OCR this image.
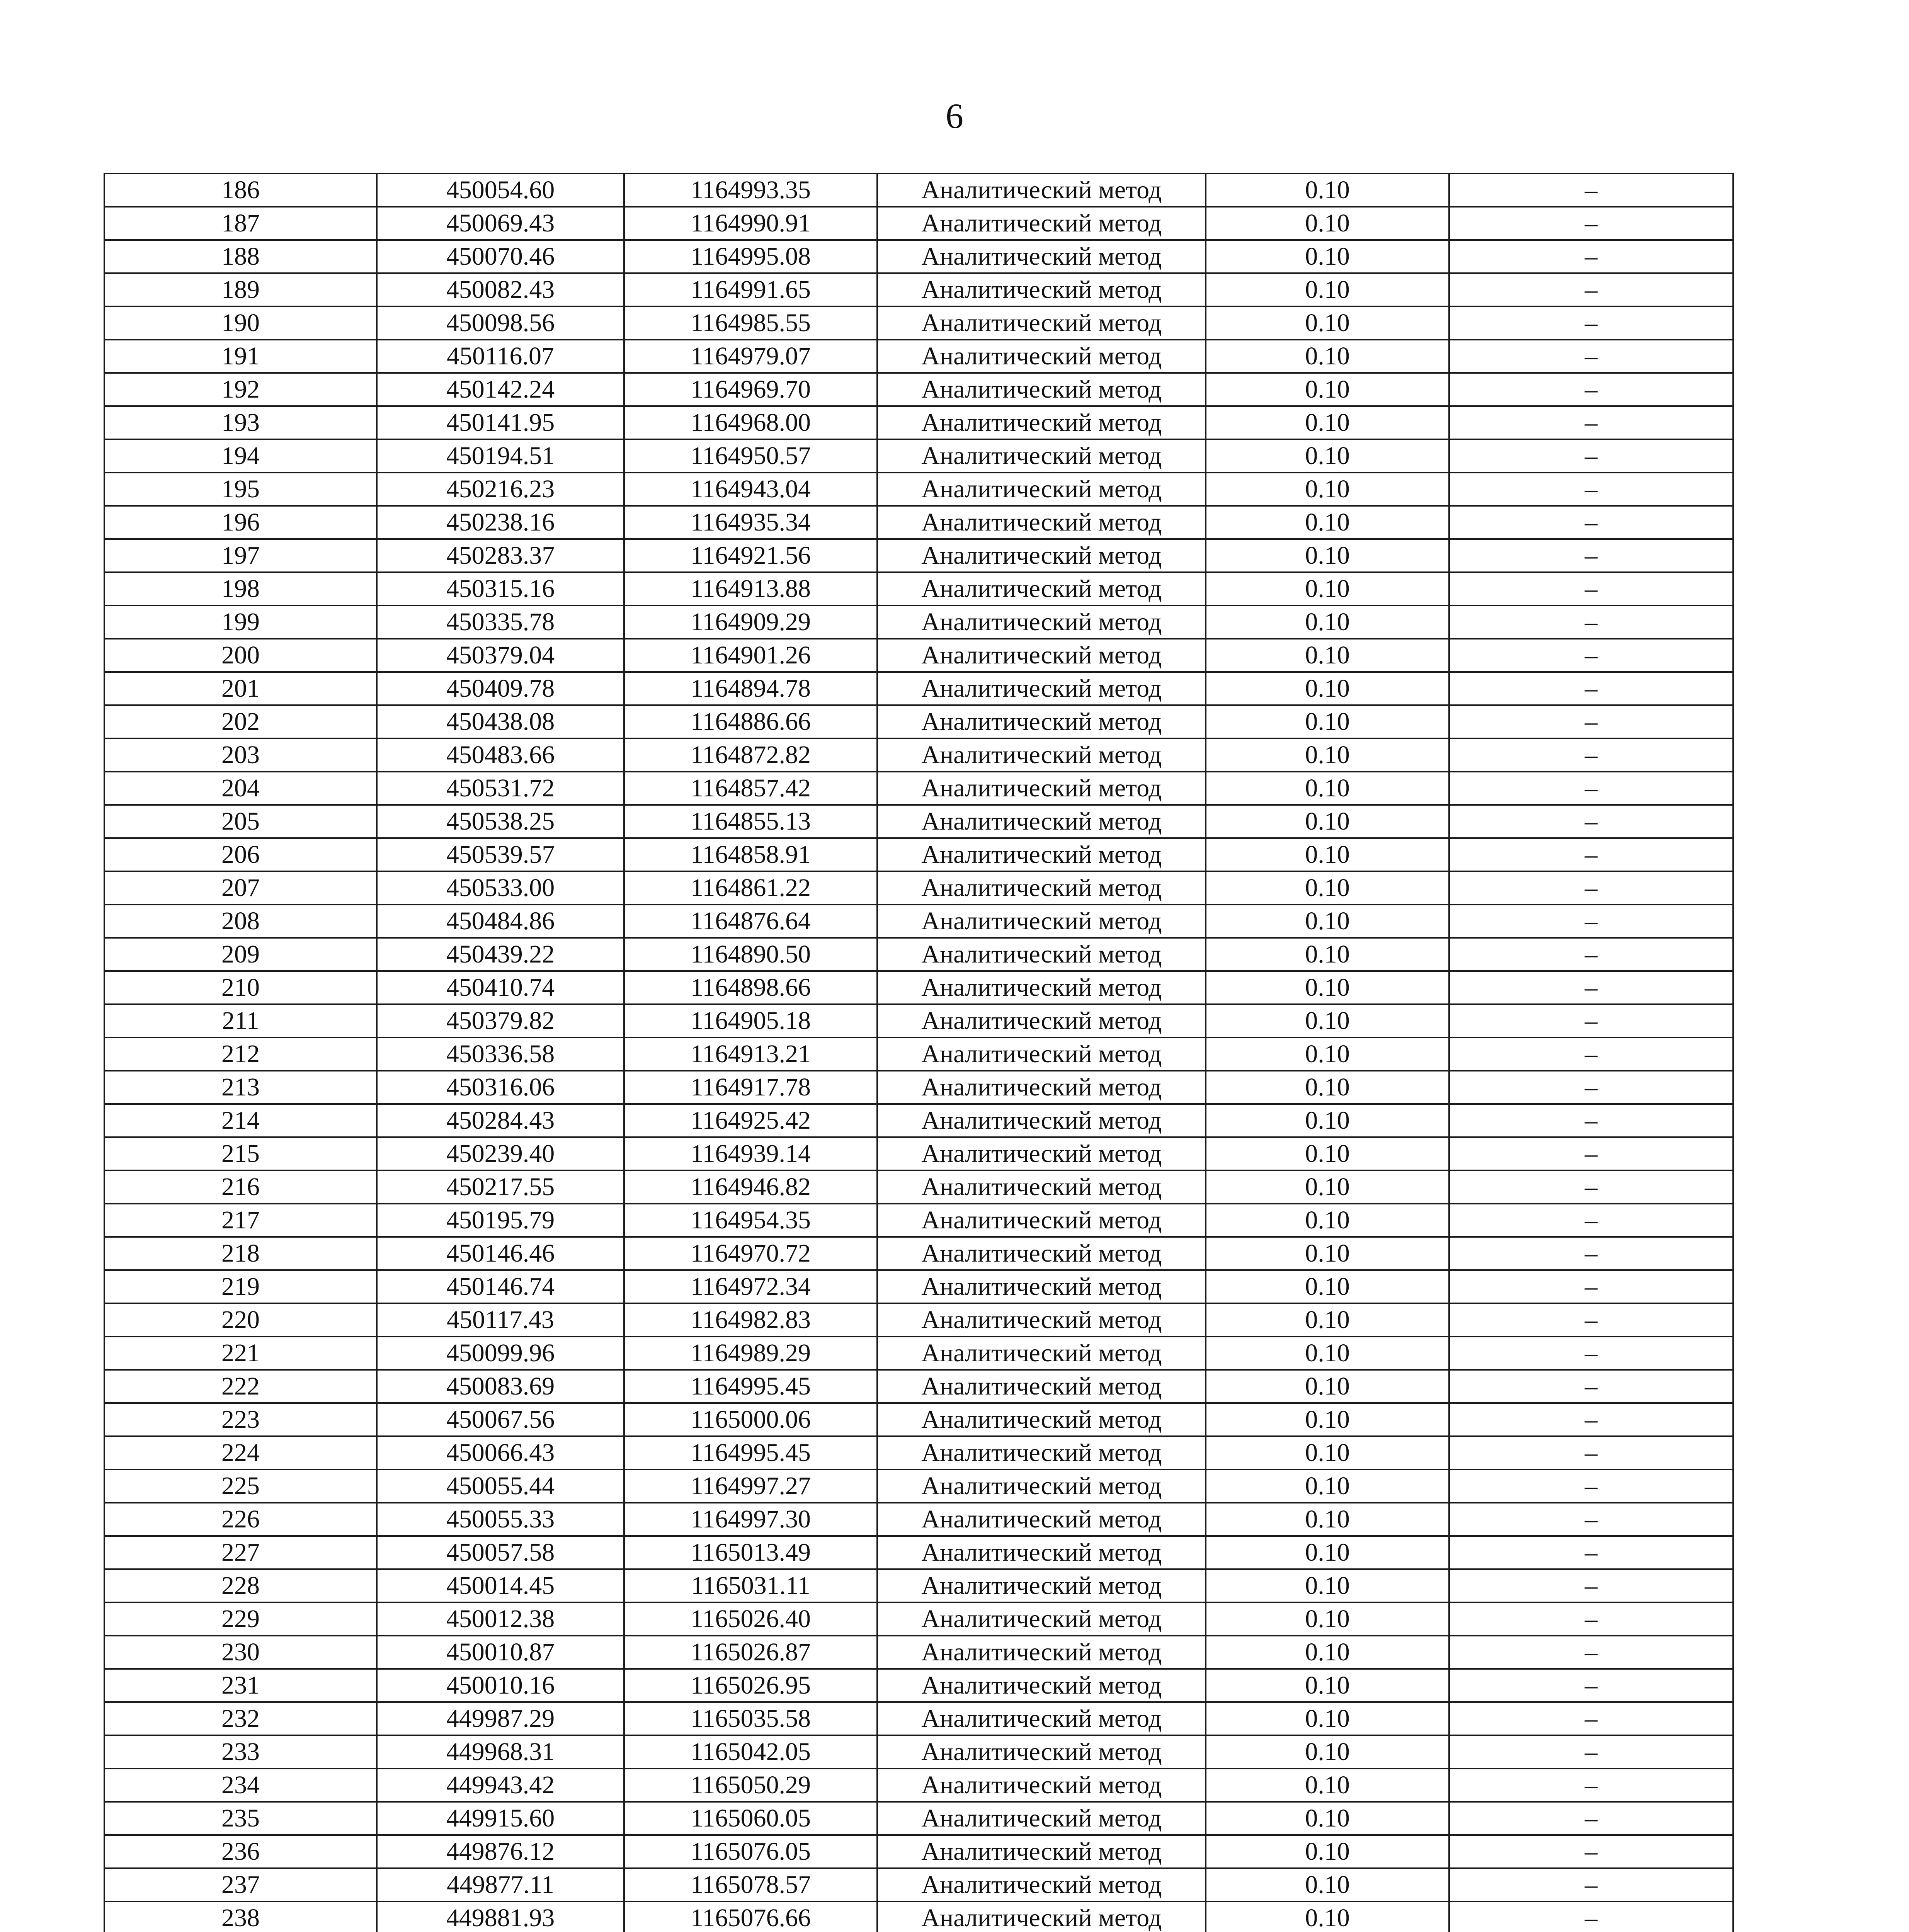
6
186	450054.60	1164993.35	Аналитический метод	0.10	–
187	450069.43	1164990.91	Аналитический метод	0.10	–
188	450070.46	1164995.08	Аналитический метод	0.10	–
189	450082.43	1164991.65	Аналитический метод	0.10	–
190	450098.56	1164985.55	Аналитический метод	0.10	–
191	450116.07	1164979.07	Аналитический метод	0.10	–
192	450142.24	1164969.70	Аналитический метод	0.10	–
193	450141.95	1164968.00	Аналитический метод	0.10	–
194	450194.51	1164950.57	Аналитический метод	0.10	–
195	450216.23	1164943.04	Аналитический метод	0.10	–
196	450238.16	1164935.34	Аналитический метод	0.10	–
197	450283.37	1164921.56	Аналитический метод	0.10	–
198	450315.16	1164913.88	Аналитический метод	0.10	–
199	450335.78	1164909.29	Аналитический метод	0.10	–
200	450379.04	1164901.26	Аналитический метод	0.10	–
201	450409.78	1164894.78	Аналитический метод	0.10	–
202	450438.08	1164886.66	Аналитический метод	0.10	–
203	450483.66	1164872.82	Аналитический метод	0.10	–
204	450531.72	1164857.42	Аналитический метод	0.10	–
205	450538.25	1164855.13	Аналитический метод	0.10	–
206	450539.57	1164858.91	Аналитический метод	0.10	–
207	450533.00	1164861.22	Аналитический метод	0.10	–
208	450484.86	1164876.64	Аналитический метод	0.10	–
209	450439.22	1164890.50	Аналитический метод	0.10	–
210	450410.74	1164898.66	Аналитический метод	0.10	–
211	450379.82	1164905.18	Аналитический метод	0.10	–
212	450336.58	1164913.21	Аналитический метод	0.10	–
213	450316.06	1164917.78	Аналитический метод	0.10	–
214	450284.43	1164925.42	Аналитический метод	0.10	–
215	450239.40	1164939.14	Аналитический метод	0.10	–
216	450217.55	1164946.82	Аналитический метод	0.10	–
217	450195.79	1164954.35	Аналитический метод	0.10	–
218	450146.46	1164970.72	Аналитический метод	0.10	–
219	450146.74	1164972.34	Аналитический метод	0.10	–
220	450117.43	1164982.83	Аналитический метод	0.10	–
221	450099.96	1164989.29	Аналитический метод	0.10	–
222	450083.69	1164995.45	Аналитический метод	0.10	–
223	450067.56	1165000.06	Аналитический метод	0.10	–
224	450066.43	1164995.45	Аналитический метод	0.10	–
225	450055.44	1164997.27	Аналитический метод	0.10	–
226	450055.33	1164997.30	Аналитический метод	0.10	–
227	450057.58	1165013.49	Аналитический метод	0.10	–
228	450014.45	1165031.11	Аналитический метод	0.10	–
229	450012.38	1165026.40	Аналитический метод	0.10	–
230	450010.87	1165026.87	Аналитический метод	0.10	–
231	450010.16	1165026.95	Аналитический метод	0.10	–
232	449987.29	1165035.58	Аналитический метод	0.10	–
233	449968.31	1165042.05	Аналитический метод	0.10	–
234	449943.42	1165050.29	Аналитический метод	0.10	–
235	449915.60	1165060.05	Аналитический метод	0.10	–
236	449876.12	1165076.05	Аналитический метод	0.10	–
237	449877.11	1165078.57	Аналитический метод	0.10	–
238	449881.93	1165076.66	Аналитический метод	0.10	–
